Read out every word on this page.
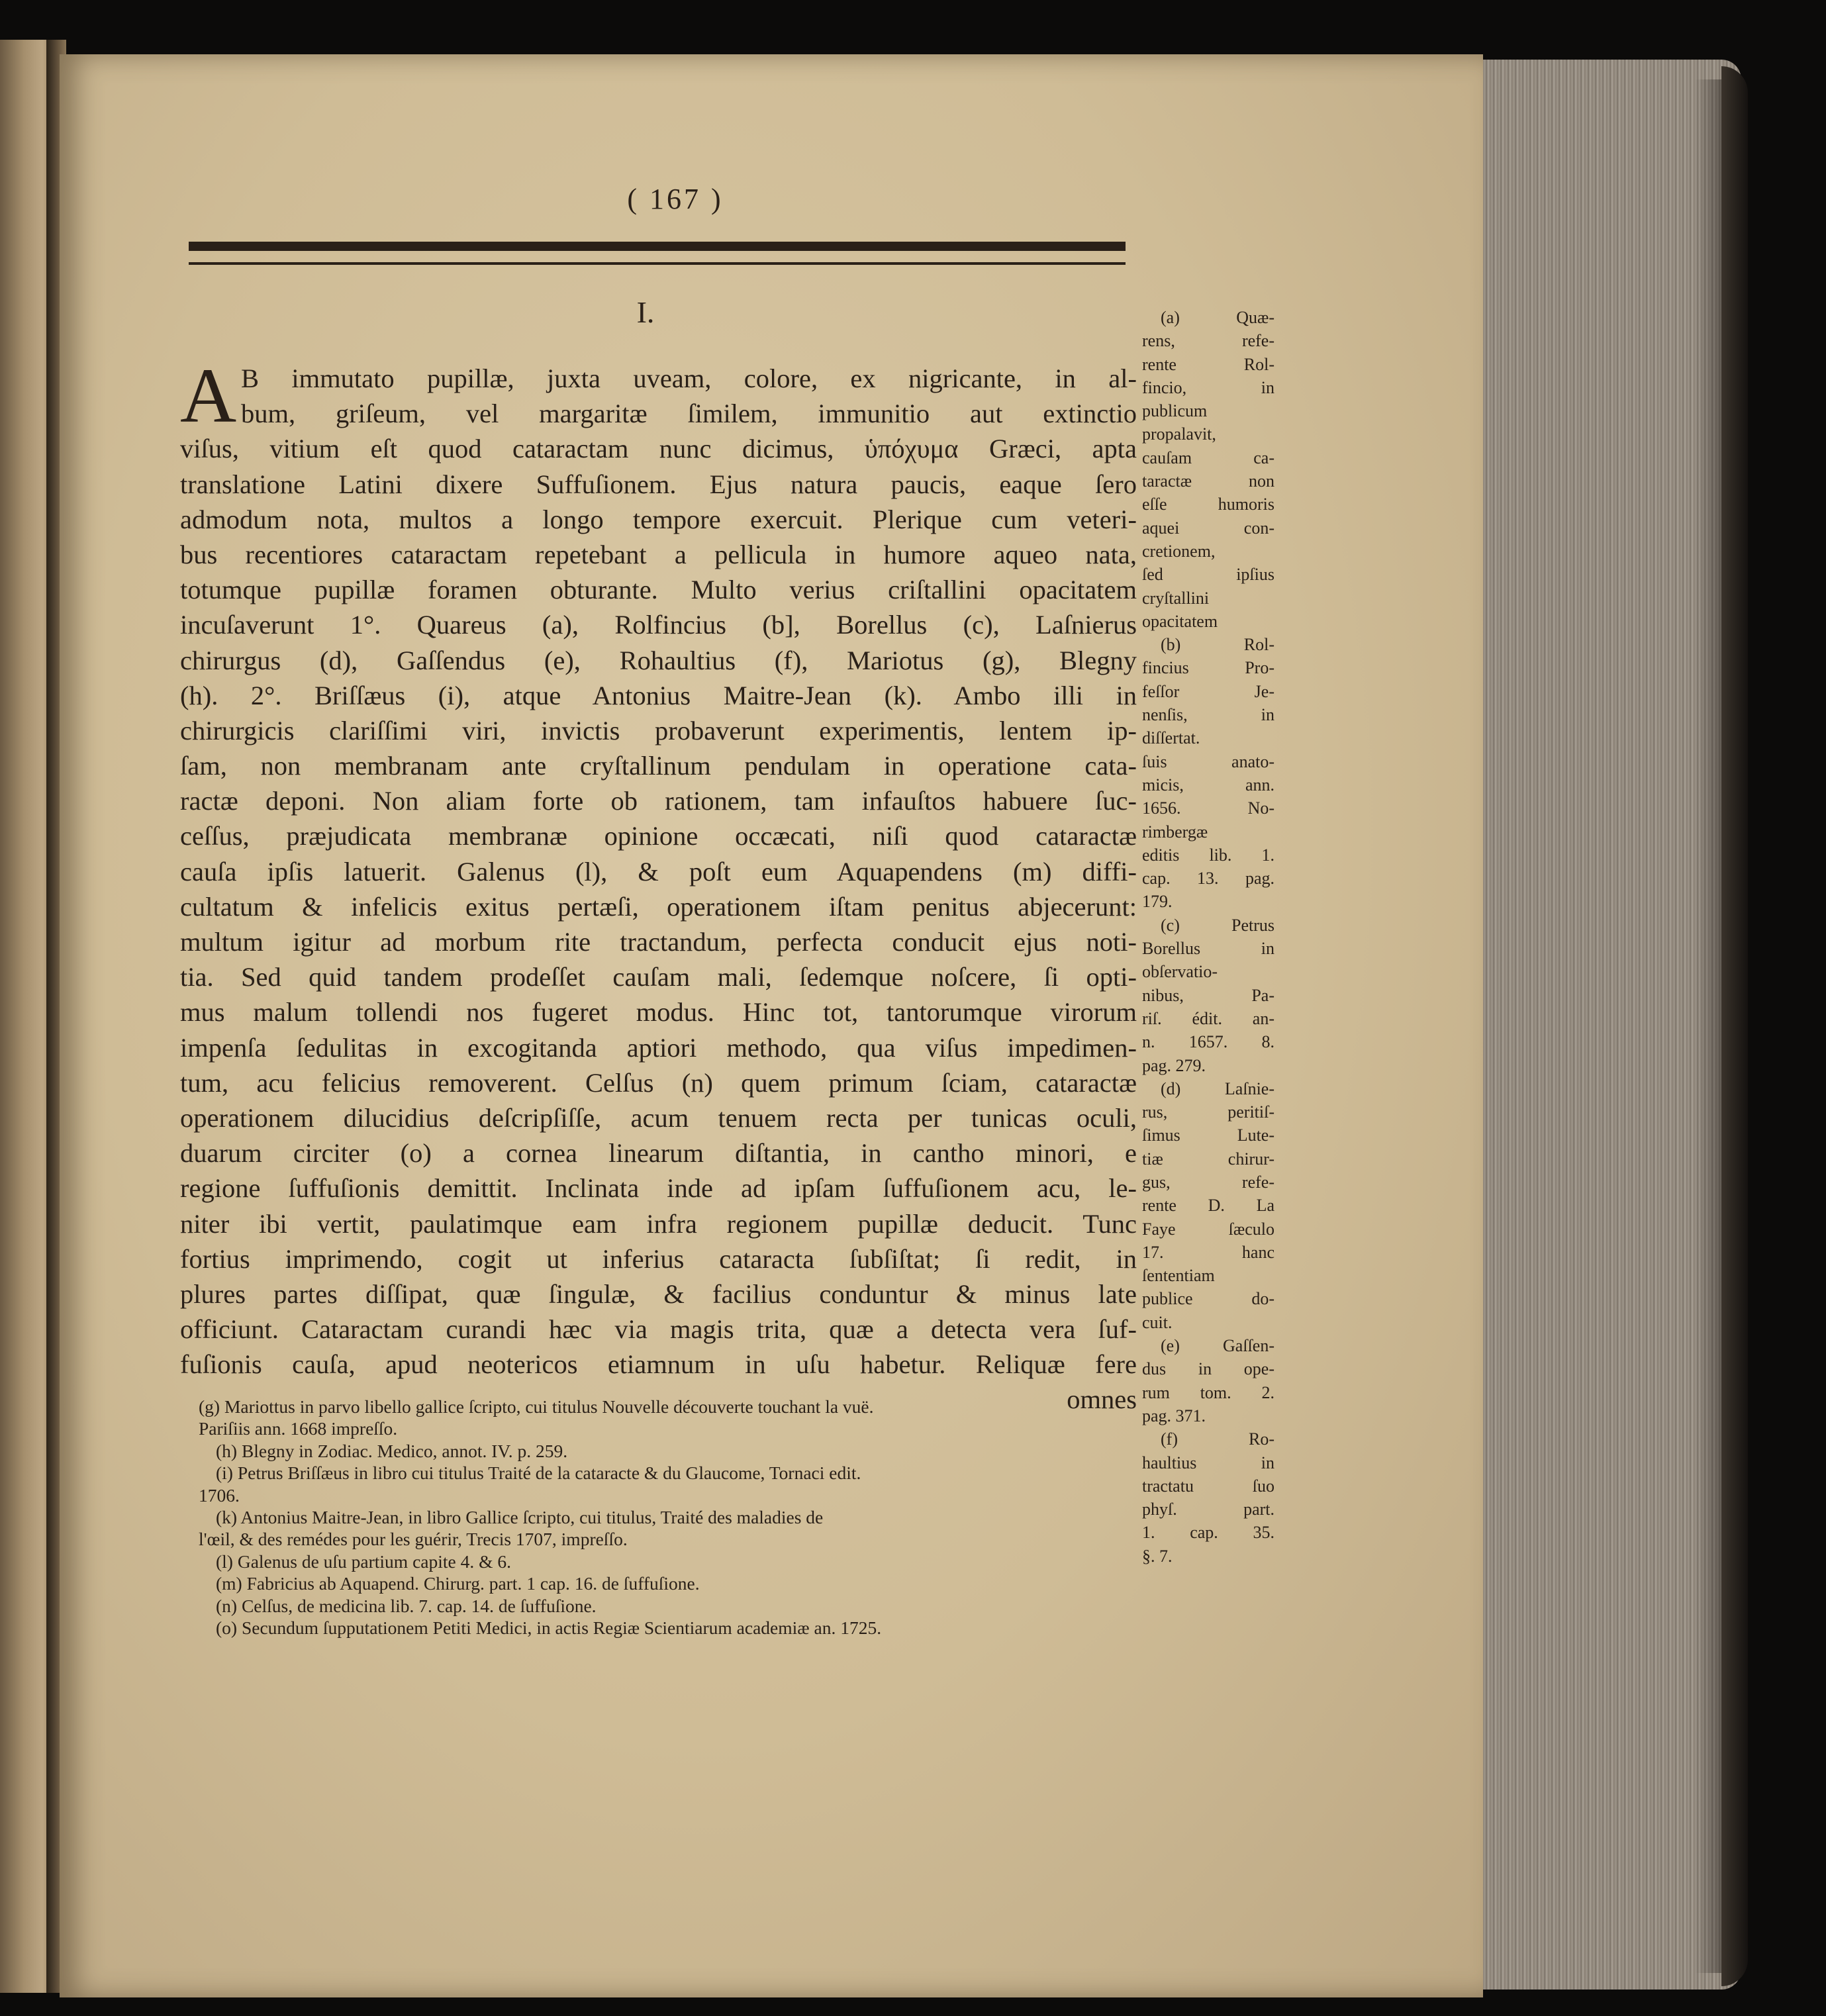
( 167 )
I.
A B immutato pupillæ, juxta uveam, colore, ex nigricante, in al-
bum, griſeum, vel margaritæ ſimilem, immunitio aut extinctio
viſus, vitium eſt quod cataractam nunc dicimus, ὑπόχυμα Græci, apta
translatione Latini dixere Suffuſionem. Ejus natura paucis, eaque ſero
admodum nota, multos a longo tempore exercuit. Plerique cum veteri-
bus recentiores cataractam repetebant a pellicula in humore aqueo nata,
totumque pupillæ foramen obturante. Multo verius criſtallini opacitatem
incuſaverunt 1°. Quareus (a), Rolfincius (b], Borellus (c), Laſnierus
chirurgus (d), Gaſſendus (e), Rohaultius (f), Mariotus (g), Blegny
(h). 2°. Briſſæus (i), atque Antonius Maitre-Jean (k). Ambo illi in
chirurgicis clariſſimi viri, invictis probaverunt experimentis, lentem ip-
ſam, non membranam ante cryſtallinum pendulam in operatione cata-
ractæ deponi. Non aliam forte ob rationem, tam infauſtos habuere ſuc-
ceſſus, præjudicata membranæ opinione occæcati, niſi quod cataractæ
cauſa ipſis latuerit. Galenus (l), & poſt eum Aquapendens (m) diffi-
cultatum & infelicis exitus pertæſi, operationem iſtam penitus abjecerunt:
multum igitur ad morbum rite tractandum, perfecta conducit ejus noti-
tia. Sed quid tandem prodeſſet cauſam mali, ſedemque noſcere, ſi opti-
mus malum tollendi nos fugeret modus. Hinc tot, tantorumque virorum
impenſa ſedulitas in excogitanda aptiori methodo, qua viſus impedimen-
tum, acu felicius removerent. Celſus (n) quem primum ſciam, cataractæ
operationem dilucidius deſcripſiſſe, acum tenuem recta per tunicas oculi,
duarum circiter (o) a cornea linearum diſtantia, in cantho minori, e
regione ſuffuſionis demittit. Inclinata inde ad ipſam ſuffuſionem acu, le-
niter ibi vertit, paulatimque eam infra regionem pupillæ deducit. Tunc
fortius imprimendo, cogit ut inferius cataracta ſubſiſtat; ſi redit, in
plures partes diſſipat, quæ ſingulæ, & facilius conduntur & minus late
officiunt. Cataractam curandi hæc via magis trita, quæ a detecta vera ſuf-
fuſionis cauſa, apud neotericos etiamnum in uſu habetur. Reliquæ fere
omnes
(g) Mariottus in parvo libello gallice ſcripto, cui titulus Nouvelle découverte touchant la vuë.
Pariſiis ann. 1668 impreſſo.
(h) Blegny in Zodiac. Medico, annot. IV. p. 259.
(i) Petrus Briſſæus in libro cui titulus Traité de la cataracte & du Glaucome, Tornaci edit.
1706.
(k) Antonius Maitre-Jean, in libro Gallice ſcripto, cui titulus, Traité des maladies de
l'œil, & des remédes pour les guérir, Trecis 1707, impreſſo.
(l) Galenus de uſu partium capite 4. & 6.
(m) Fabricius ab Aquapend. Chirurg. part. 1 cap. 16. de ſuffuſione.
(n) Celſus, de medicina lib. 7. cap. 14. de ſuffuſione.
(o) Secundum ſupputationem Petiti Medici, in actis Regiæ Scientiarum academiæ an. 1725.
(a) Quæ-
rens, refe-
rente Rol-
fincio, in
publicum
propalavit,
cauſam ca-
taractæ non
eſſe humoris
aquei con-
cretionem,
ſed ipſius
cryſtallini
opacitatem
(b) Rol-
fincius Pro-
feſſor Je-
nenſis, in
diſſertat.
ſuis anato-
micis, ann.
1656. No-
rimbergæ
editis lib. 1.
cap. 13. pag.
179.
(c) Petrus
Borellus in
obſervatio-
nibus, Pa-
riſ. édit. an-
n. 1657. 8.
pag. 279.
(d) Laſnie-
rus, peritiſ-
ſimus Lute-
tiæ chirur-
gus, refe-
rente D. La
Faye ſæculo
17. hanc
ſententiam
publice do-
cuit.
(e) Gaſſen-
dus in ope-
rum tom. 2.
pag. 371.
(f) Ro-
haultius in
tractatu ſuo
phyſ. part.
1. cap. 35.
§. 7.
